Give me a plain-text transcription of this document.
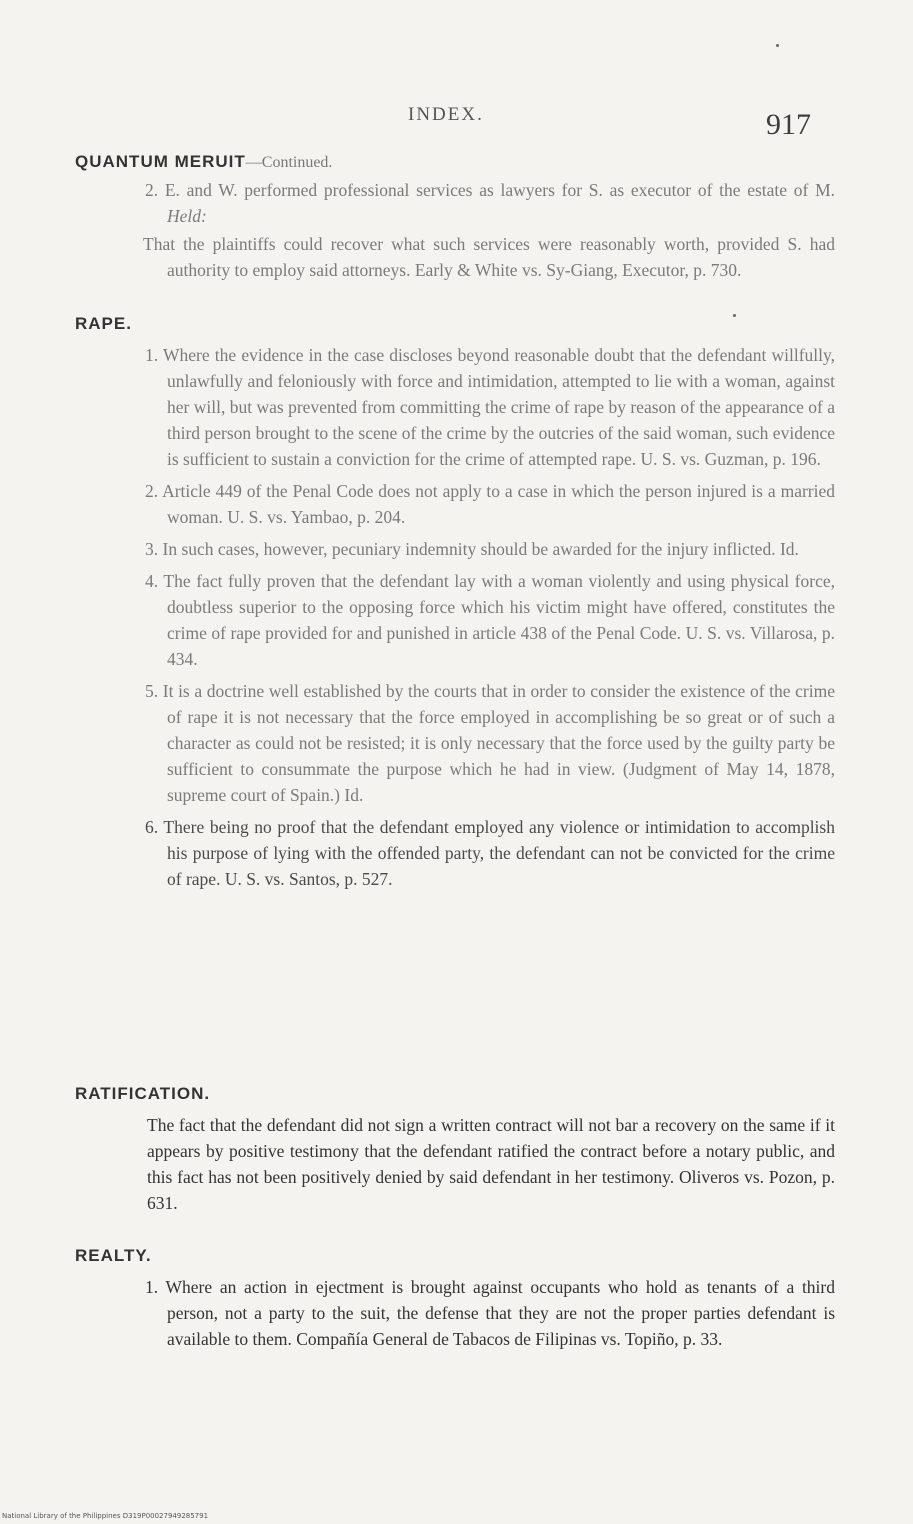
INDEX.	917
QUANTUM MERUIT—Continued.
2. E. and W. performed professional services as lawyers for S. as executor of the estate of M. Held:
That the plaintiffs could recover what such services were reasonably worth, provided S. had authority to employ said attorneys. Early & White vs. Sy-Giang, Executor, p. 730.
RAPE.
1. Where the evidence in the case discloses beyond reasonable doubt that the defendant willfully, unlawfully and feloniously with force and intimidation, attempted to lie with a woman, against her will, but was prevented from committing the crime of rape by reason of the appearance of a third person brought to the scene of the crime by the outcries of the said woman, such evidence is sufficient to sustain a conviction for the crime of attempted rape. U. S. vs. Guzman, p. 196.
2. Article 449 of the Penal Code does not apply to a case in which the person injured is a married woman. U. S. vs. Yambao, p. 204.
3. In such cases, however, pecuniary indemnity should be awarded for the injury inflicted. Id.
4. The fact fully proven that the defendant lay with a woman violently and using physical force, doubtless superior to the opposing force which his victim might have offered, constitutes the crime of rape provided for and punished in article 438 of the Penal Code. U. S. vs. Villarosa, p. 434.
5. It is a doctrine well established by the courts that in order to consider the existence of the crime of rape it is not necessary that the force employed in accomplishing be so great or of such a character as could not be resisted; it is only necessary that the force used by the guilty party be sufficient to consummate the purpose which he had in view. (Judgment of May 14, 1878, supreme court of Spain.) Id.
6. There being no proof that the defendant employed any violence or intimidation to accomplish his purpose of lying with the offended party, the defendant can not be convicted for the crime of rape. U. S. vs. Santos, p. 527.
RATIFICATION.
The fact that the defendant did not sign a written contract will not bar a recovery on the same if it appears by positive testimony that the defendant ratified the contract before a notary public, and this fact has not been positively denied by said defendant in her testimony. Oliveros vs. Pozon, p. 631.
REALTY.
1. Where an action in ejectment is brought against occupants who hold as tenants of a third person, not a party to the suit, the defense that they are not the proper parties defendant is available to them. Compañía General de Tabacos de Filipinas vs. Topiño, p. 33.
National Library of the Philippines D319P00027949285791
